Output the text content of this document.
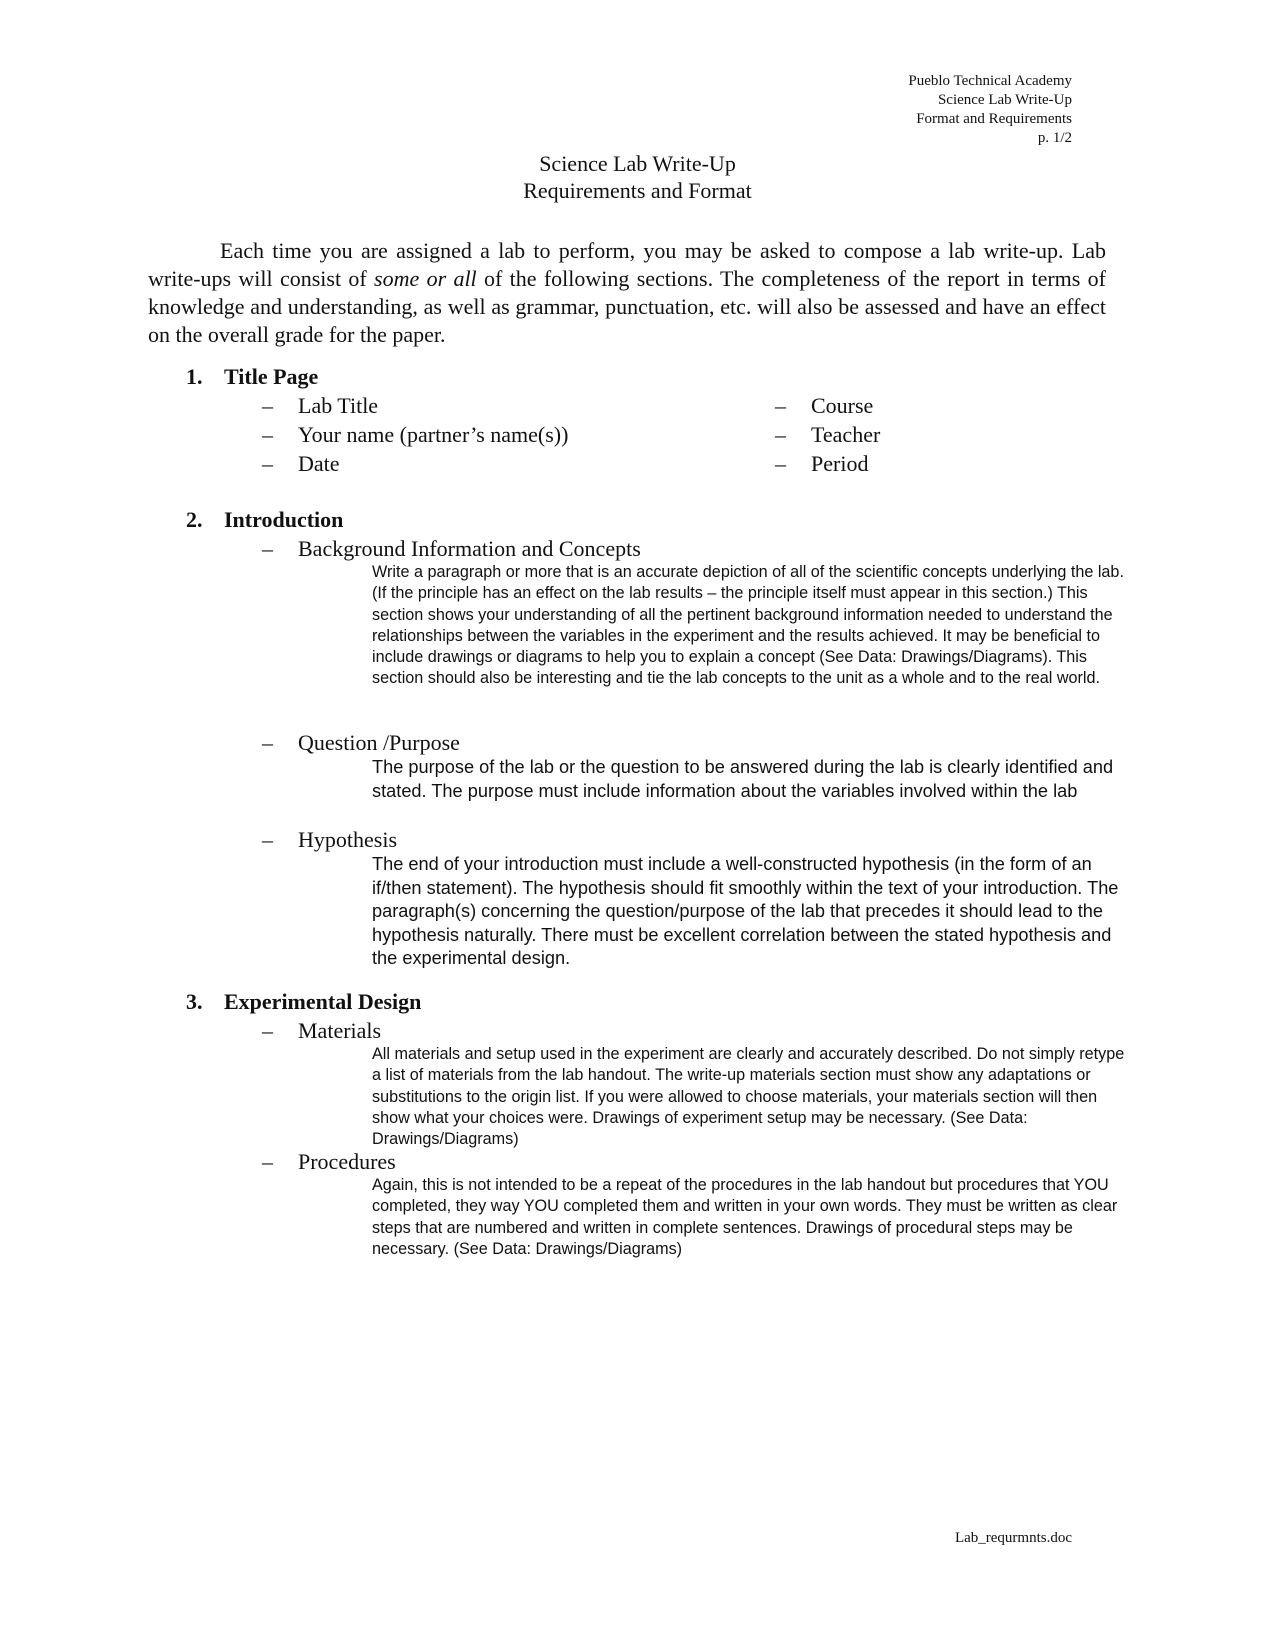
Pueblo Technical Academy
Science Lab Write-Up
Format and Requirements
p. 1/2
Science Lab Write-Up
Requirements and Format

Each time you are assigned a lab to perform, you may be asked to compose a lab write-up. Lab write-ups will consist of some or all of the following sections. The completeness of the report in terms of knowledge and understanding, as well as grammar, punctuation, etc. will also be assessed and have an effect on the overall grade for the paper.

1. Title Page
– Lab Title
– Your name (partner’s name(s))
– Date
– Course
– Teacher
– Period
2. Introduction
– Background Information and Concepts

Write a paragraph or more that is an accurate depiction of all of the scientific concepts underlying the lab. (If the principle has an effect on the lab results – the principle itself must appear in this section.) This section shows your understanding of all the pertinent background information needed to understand the relationships between the variables in the experiment and the results achieved. It may be beneficial to include drawings or diagrams to help you to explain a concept (See Data: Drawings/Diagrams). This section should also be interesting and tie the lab concepts to the unit as a whole and to the real world.

– Question /Purpose

The purpose of the lab or the question to be answered during the lab is clearly identified and stated. The purpose must include information about the variables involved within the lab

– Hypothesis

The end of your introduction must include a well-constructed hypothesis (in the form of an if/then statement). The hypothesis should fit smoothly within the text of your introduction. The paragraph(s) concerning the question/purpose of the lab that precedes it should lead to the hypothesis naturally. There must be excellent correlation between the stated hypothesis and the experimental design.

3. Experimental Design
– Materials

All materials and setup used in the experiment are clearly and accurately described. Do not simply retype a list of materials from the lab handout. The write-up materials section must show any adaptations or substitutions to the origin list. If you were allowed to choose materials, your materials section will then show what your choices were. Drawings of experiment setup may be necessary. (See Data: Drawings/Diagrams)

– Procedures

Again, this is not intended to be a repeat of the procedures in the lab handout but procedures that YOU completed, they way YOU completed them and written in your own words. They must be written as clear steps that are numbered and written in complete sentences. Drawings of procedural steps may be necessary. (See Data: Drawings/Diagrams)

Lab_requrmnts.doc
